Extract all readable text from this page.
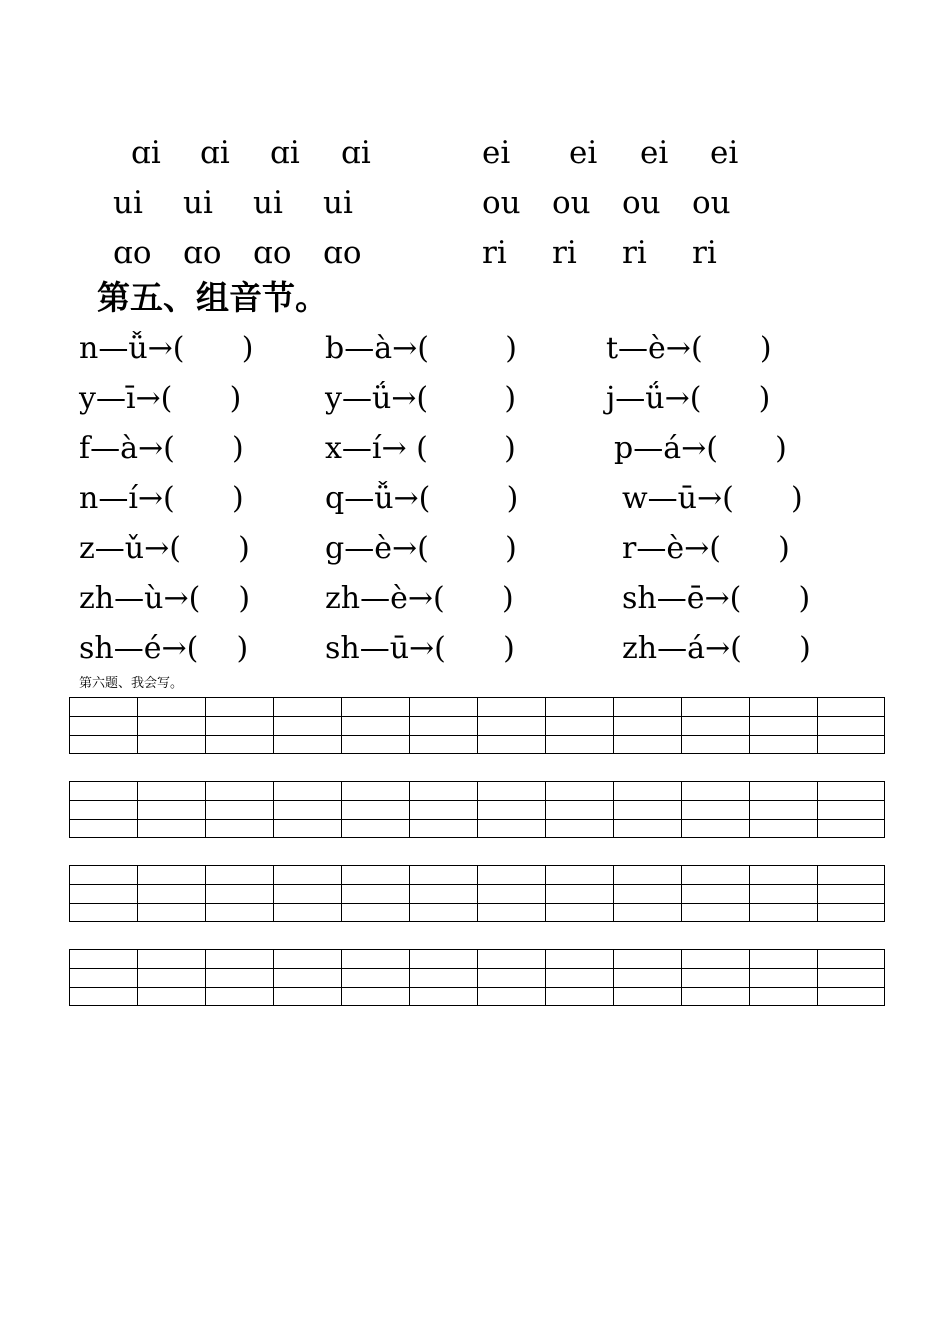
ɑi ɑi ɑi ɑi	ei ei ei ei
ui ui ui ui	ou ou ou ou
ɑo ɑo ɑo ɑo	ri ri ri ri
第五、组音节。
n—ǚ→(      ) b—à→(        )	t—è→(      )
y—ī→(      )	y—ǘ→(        )	j—ǘ→(      )
f—à→(      )	x—í→ (        )	p—á→(      )
n—í→(      )	q—ǚ→(        )	w—ū→(      )
z—ǔ→(      )	g—è→(        )	r—è→(      )
zh—ù→(    ) zh—è→(      )	sh—ē→(      )
sh—é→(    )	sh—ū→(      )	zh—á→(      )
第六题、我会写。
